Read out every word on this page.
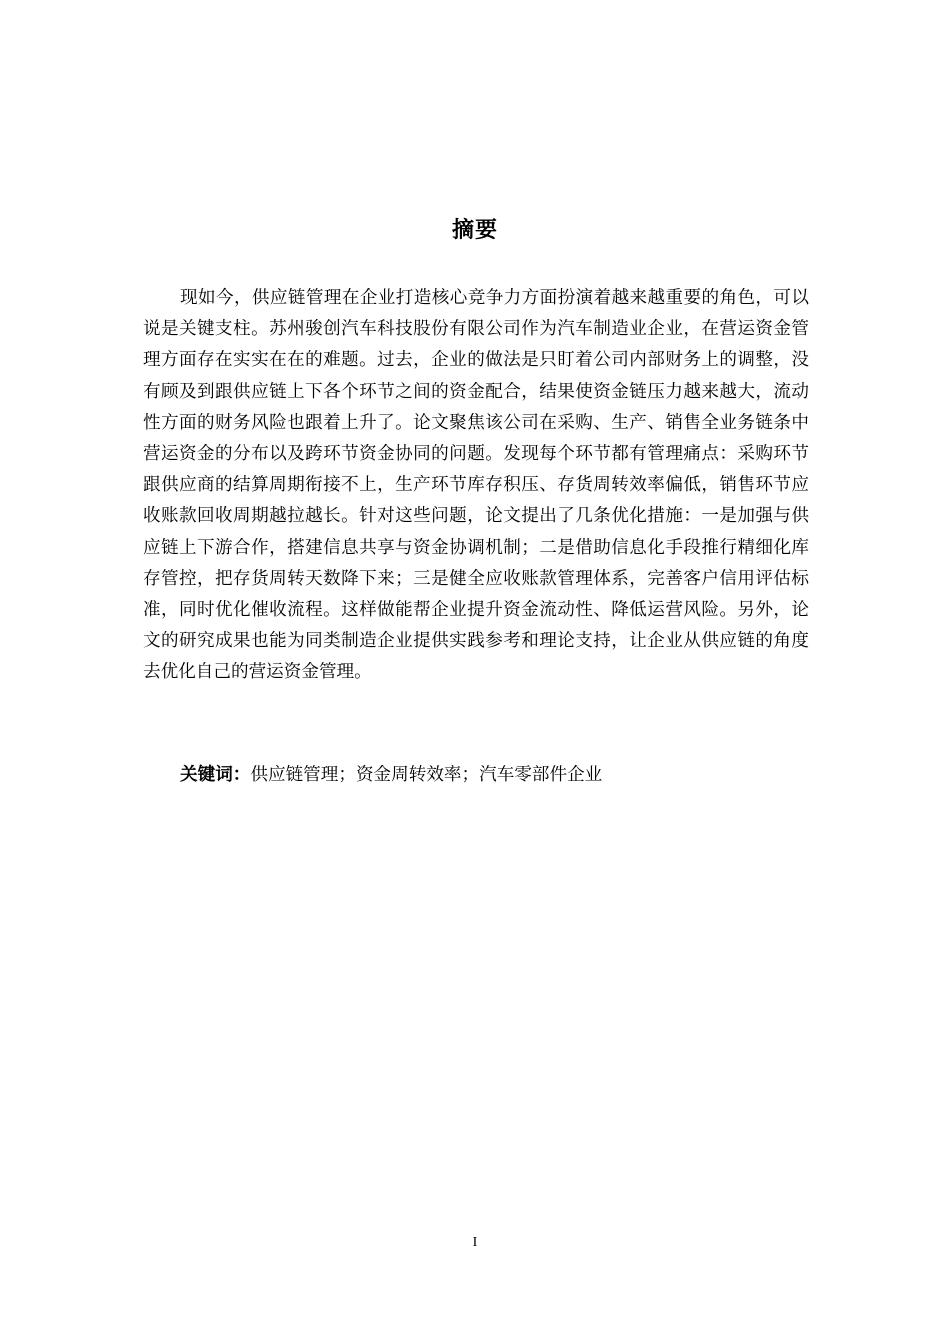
摘要

现如今，供应链管理在企业打造核心竞争力方面扮演着越来越重要的角色，可以说是关键支柱。苏州骏创汽车科技股份有限公司作为汽车制造业企业，在营运资金管理方面存在实实在在的难题。过去，企业的做法是只盯着公司内部财务上的调整，没有顾及到跟供应链上下各个环节之间的资金配合，结果使资金链压力越来越大，流动性方面的财务风险也跟着上升了。论文聚焦该公司在采购、生产、销售全业务链条中营运资金的分布以及跨环节资金协同的问题。发现每个环节都有管理痛点：采购环节跟供应商的结算周期衔接不上，生产环节库存积压、存货周转效率偏低，销售环节应收账款回收周期越拉越长。针对这些问题，论文提出了几条优化措施：一是加强与供应链上下游合作，搭建信息共享与资金协调机制；二是借助信息化手段推行精细化库存管控，把存货周转天数降下来；三是健全应收账款管理体系，完善客户信用评估标准，同时优化催收流程。这样做能帮企业提升资金流动性、降低运营风险。另外，论文的研究成果也能为同类制造企业提供实践参考和理论支持，让企业从供应链的角度去优化自己的营运资金管理。

关键词：供应链管理；资金周转效率；汽车零部件企业

I
